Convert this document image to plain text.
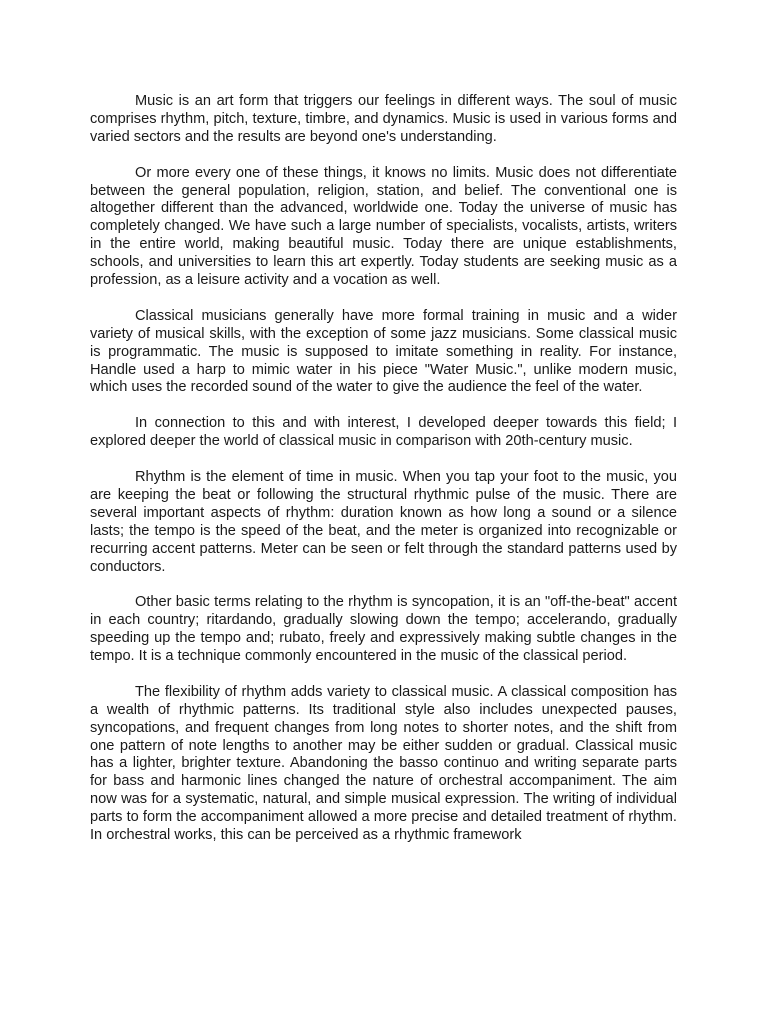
Music is an art form that triggers our feelings in different ways. The soul of music comprises rhythm, pitch, texture, timbre, and dynamics. Music is used in various forms and varied sectors and the results are beyond one's understanding.

Or more every one of these things, it knows no limits. Music does not differentiate between the general population, religion, station, and belief. The conventional one is altogether different than the advanced, worldwide one. Today the universe of music has completely changed. We have such a large number of specialists, vocalists, artists, writers in the entire world, making beautiful music. Today there are unique establishments, schools, and universities to learn this art expertly. Today students are seeking music as a profession, as a leisure activity and a vocation as well.

Classical musicians generally have more formal training in music and a wider variety of musical skills, with the exception of some jazz musicians. Some classical music is programmatic. The music is supposed to imitate something in reality. For instance, Handle used a harp to mimic water in his piece "Water Music.", unlike modern music, which uses the recorded sound of the water to give the audience the feel of the water.

In connection to this and with interest, I developed deeper towards this field; I explored deeper the world of classical music in comparison with 20th-century music.

Rhythm is the element of time in music. When you tap your foot to the music, you are keeping the beat or following the structural rhythmic pulse of the music. There are several important aspects of rhythm: duration known as how long a sound or a silence lasts; the tempo is the speed of the beat, and the meter is organized into recognizable or recurring accent patterns. Meter can be seen or felt through the standard patterns used by conductors.

Other basic terms relating to the rhythm is syncopation, it is an "off-the-beat" accent in each country; ritardando, gradually slowing down the tempo; accelerando, gradually speeding up the tempo and; rubato, freely and expressively making subtle changes in the tempo. It is a technique commonly encountered in the music of the classical period.

The flexibility of rhythm adds variety to classical music. A classical composition has a wealth of rhythmic patterns. Its traditional style also includes unexpected pauses, syncopations, and frequent changes from long notes to shorter notes, and the shift from one pattern of note lengths to another may be either sudden or gradual. Classical music has a lighter, brighter texture. Abandoning the basso continuo and writing separate parts for bass and harmonic lines changed the nature of orchestral accompaniment. The aim now was for a systematic, natural, and simple musical expression. The writing of individual parts to form the accompaniment allowed a more precise and detailed treatment of rhythm. In orchestral works, this can be perceived as a rhythmic framework
